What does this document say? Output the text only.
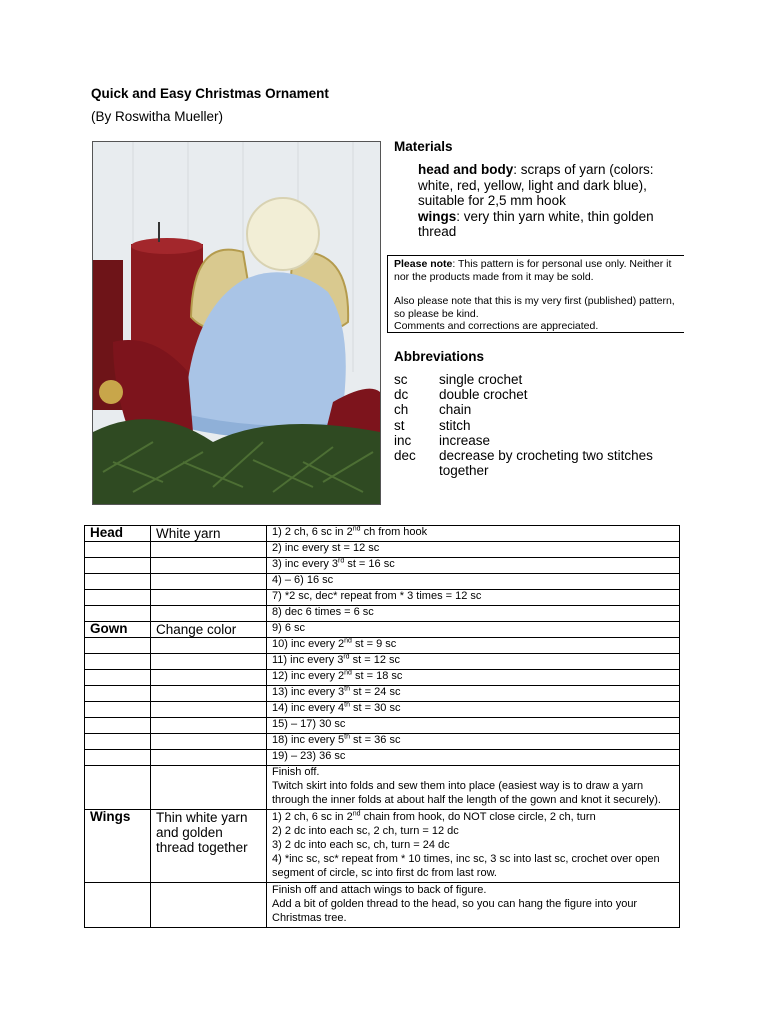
Quick and Easy Christmas Ornament
(By Roswitha Mueller)
Materials
head and body: scraps of yarn (colors: white, red, yellow, light and dark blue), suitable for 2,5 mm hook
wings: very thin yarn white, thin golden thread

Please note: This pattern is for personal use only. Neither it nor the products made from it may be sold.

Also please note that this is my very first (published) pattern, so please be kind.

Comments and corrections are appreciated.

Abbreviations
sc	single crochet
dc	double crochet
ch	chain
st	stitch
inc	increase
dec	decrease by crocheting two stitches together
Head	White yarn	1) 2 ch, 6 sc in 2nd ch from hook
		2) inc every st = 12 sc
		3) inc every 3rd st = 16 sc
		4) – 6) 16 sc
		7) *2 sc, dec* repeat from * 3 times = 12 sc
		8) dec 6 times = 6 sc
Gown	Change color	9) 6 sc
		10) inc every 2nd st = 9 sc
		11) inc every 3rd st = 12 sc
		12) inc every 2nd st = 18 sc
		13) inc every 3th st = 24 sc
		14) inc every 4th st = 30 sc
		15) – 17) 30 sc
		18) inc every 5th st = 36 sc
		19) – 23) 36 sc

		Finish off.
Twitch skirt into folds and sew them into place (easiest way is to draw a yarn through the inner folds at about half the length of the gown and knot it securely).

Wings	Thin white yarn and golden thread together	1) 2 ch, 6 sc in 2nd chain from hook, do NOT close circle, 2 ch, turn
2) 2 dc into each sc, 2 ch, turn = 12 dc
3) 2 dc into each sc, ch, turn = 24 dc
4) *inc sc, sc* repeat from * 10 times, inc sc, 3 sc into last sc, crochet over open segment of circle, sc into first dc from last row.

		Finish off and attach wings to back of figure.
Add a bit of golden thread to the head, so you can hang the figure into your Christmas tree.
